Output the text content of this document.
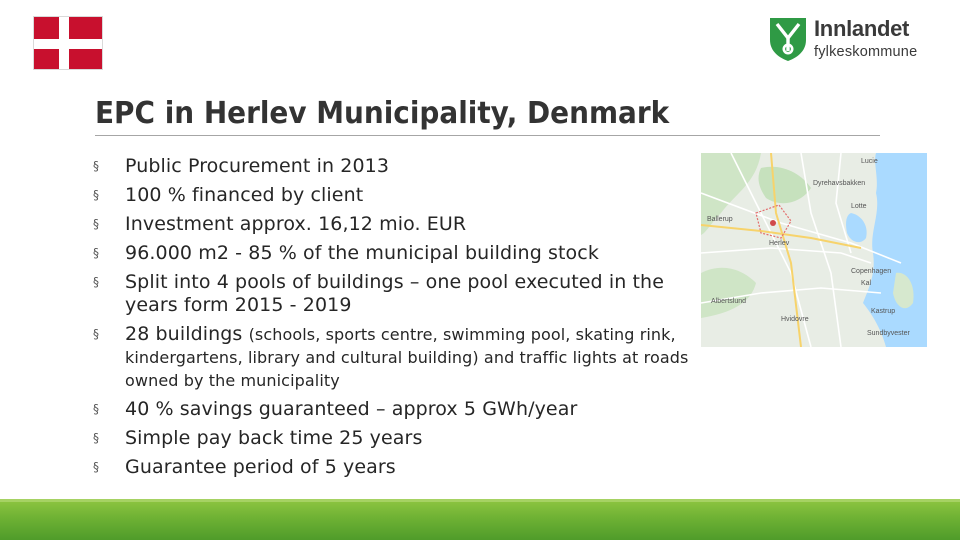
Innlandet
fylkeskommune
EPC in Herlev Municipality, Denmark
§ Public Procurement in 2013
§ 100 % financed by client
§ Investment approx. 16,12 mio. EUR
§ 96.000 m2 - 85 % of the municipal building stock
§ Split into 4 pools of buildings – one pool executed in the years form 2015 - 2019
§ 28 buildings (schools, sports centre, swimming pool, skating rink, kindergartens, library and cultural building) and traffic lights at roads owned by the municipality
§ 40 % savings guaranteed – approx 5 GWh/year
§ Simple pay back time 25 years
§ Guarantee period of 5 years
Lucie
Dyrehavsbakken
Lotte
Ballerup
Herlev
Copenhagen
Kal
Albertslund
Hvidovre
Kastrup
Sundbyvester
